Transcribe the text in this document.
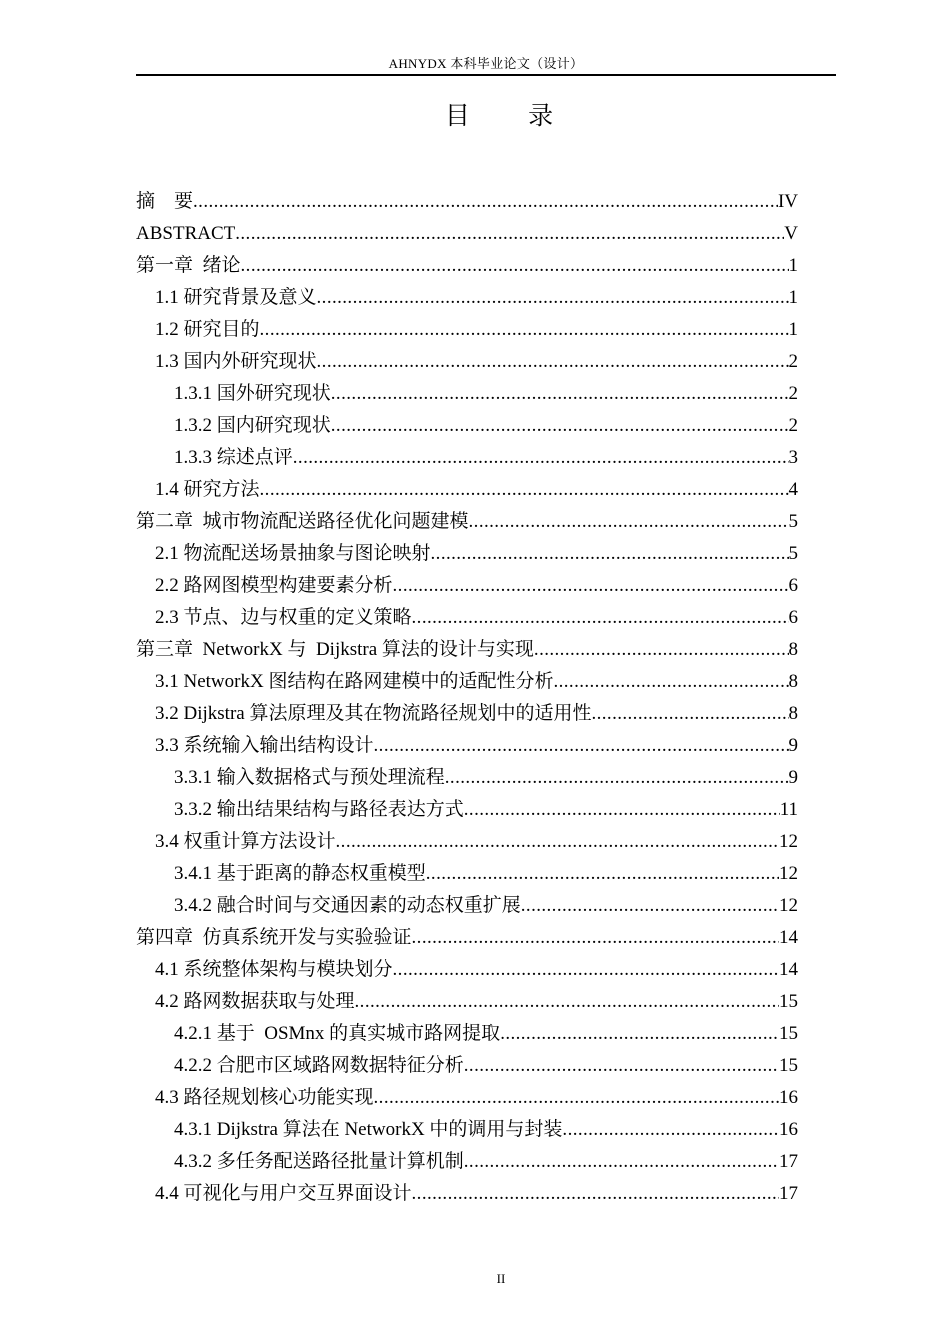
AHNYDX 本科毕业论文（设计）
目 录
摘    要 .....	IV
ABSTRACT .....	V
第一章  绪论 .....	1
1.1 研究背景及意义 .....	1
1.2 研究目的 .....	1
1.3 国内外研究现状 .....	2
1.3.1 国外研究现状 .....	2
1.3.2 国内研究现状 .....	2
1.3.3 综述点评 .....	3
1.4 研究方法 .....	4
第二章  城市物流配送路径优化问题建模 .....	5
2.1 物流配送场景抽象与图论映射 .....	5
2.2 路网图模型构建要素分析 .....	6
2.3 节点、边与权重的定义策略 .....	6
第三章  NetworkX 与  Dijkstra 算法的设计与实现 .....	8
3.1 NetworkX 图结构在路网建模中的适配性分析 .....	8
3.2 Dijkstra 算法原理及其在物流路径规划中的适用性 .....	8
3.3 系统输入输出结构设计 .....	9
3.3.1 输入数据格式与预处理流程 .....	9
3.3.2 输出结果结构与路径表达方式 .....	11
3.4 权重计算方法设计 .....	12
3.4.1 基于距离的静态权重模型 .....	12
3.4.2 融合时间与交通因素的动态权重扩展 .....	12
第四章  仿真系统开发与实验验证 .....	14
4.1 系统整体架构与模块划分 .....	14
4.2 路网数据获取与处理 .....	15
4.2.1 基于  OSMnx 的真实城市路网提取 .....	15
4.2.2 合肥市区域路网数据特征分析 .....	15
4.3 路径规划核心功能实现 .....	16
4.3.1 Dijkstra 算法在 NetworkX 中的调用与封装 .....	16
4.3.2 多任务配送路径批量计算机制 .....	17
4.4 可视化与用户交互界面设计 .....	17
II
